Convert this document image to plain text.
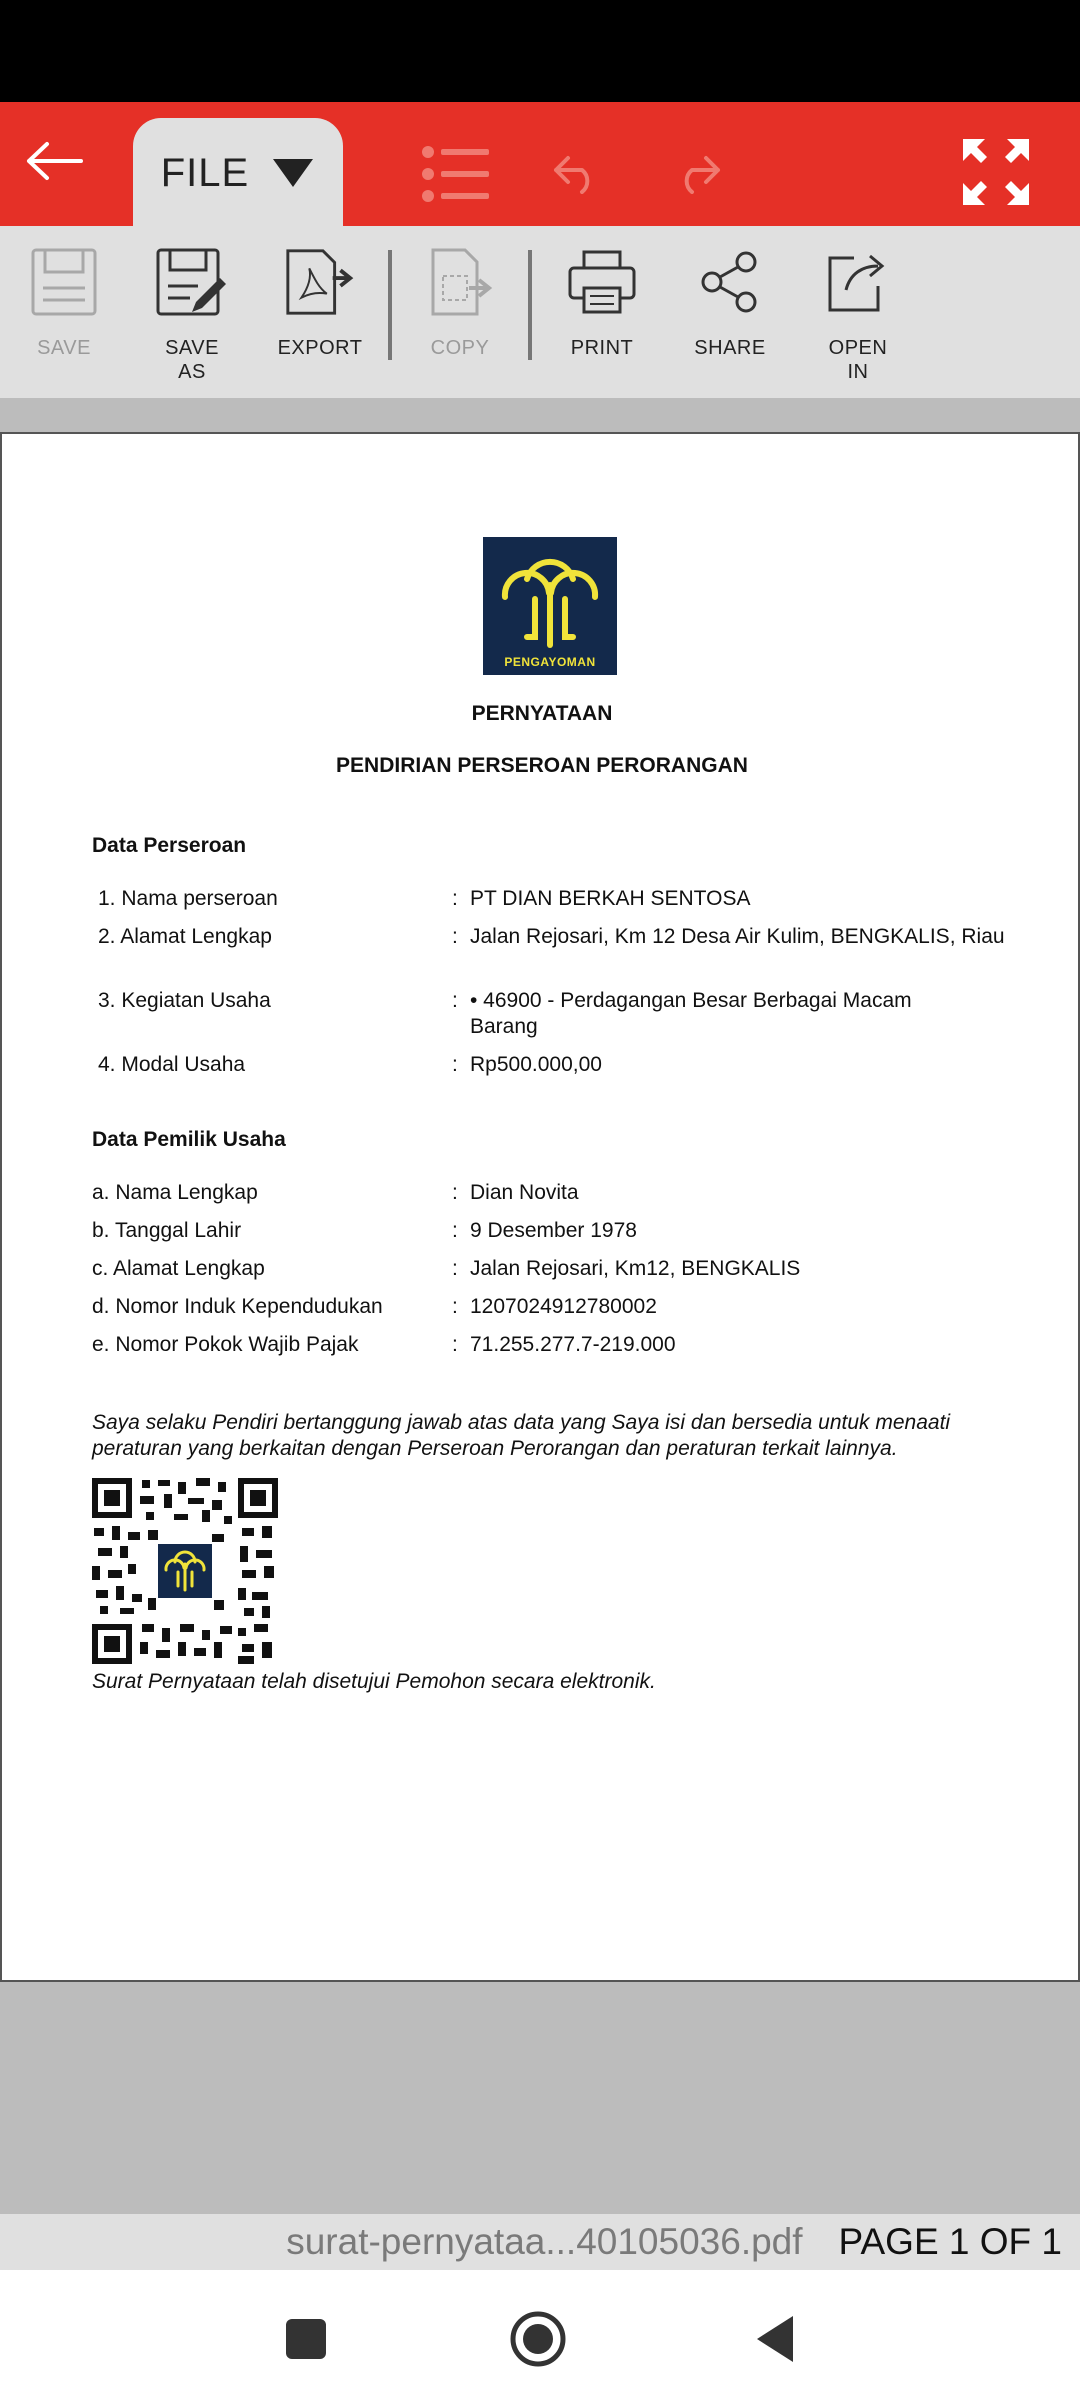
FILE
SAVE	SAVE
AS
EXPORT	COPY	PRINT	SHARE	OPEN
IN
PENGAYOMAN
PERNYATAAN
PENDIRIAN PERSEROAN PERORANGAN
Data Perseroan
1. Nama perseroan	: PT DIAN BERKAH SENTOSA
2. Alamat Lengkap	: Jalan Rejosari, Km 12 Desa Air Kulim, BENGKALIS, Riau
3. Kegiatan Usaha	: • 46900 - Perdagangan Besar Berbagai Macam Barang
4. Modal Usaha	: Rp500.000,00
Data Pemilik Usaha
a. Nama Lengkap	: Dian Novita
b. Tanggal Lahir	: 9 Desember 1978
c. Alamat Lengkap	: Jalan Rejosari, Km12, BENGKALIS
d. Nomor Induk Kependudukan	: 1207024912780002
e. Nomor Pokok Wajib Pajak	: 71.255.277.7-219.000
Saya selaku Pendiri bertanggung jawab atas data yang Saya isi dan bersedia untuk menaati peraturan yang berkaitan dengan Perseroan Perorangan dan peraturan terkait lainnya.
Surat Pernyataan telah disetujui Pemohon secara elektronik.
surat-pernyataa...40105036.pdf PAGE 1 OF 1
